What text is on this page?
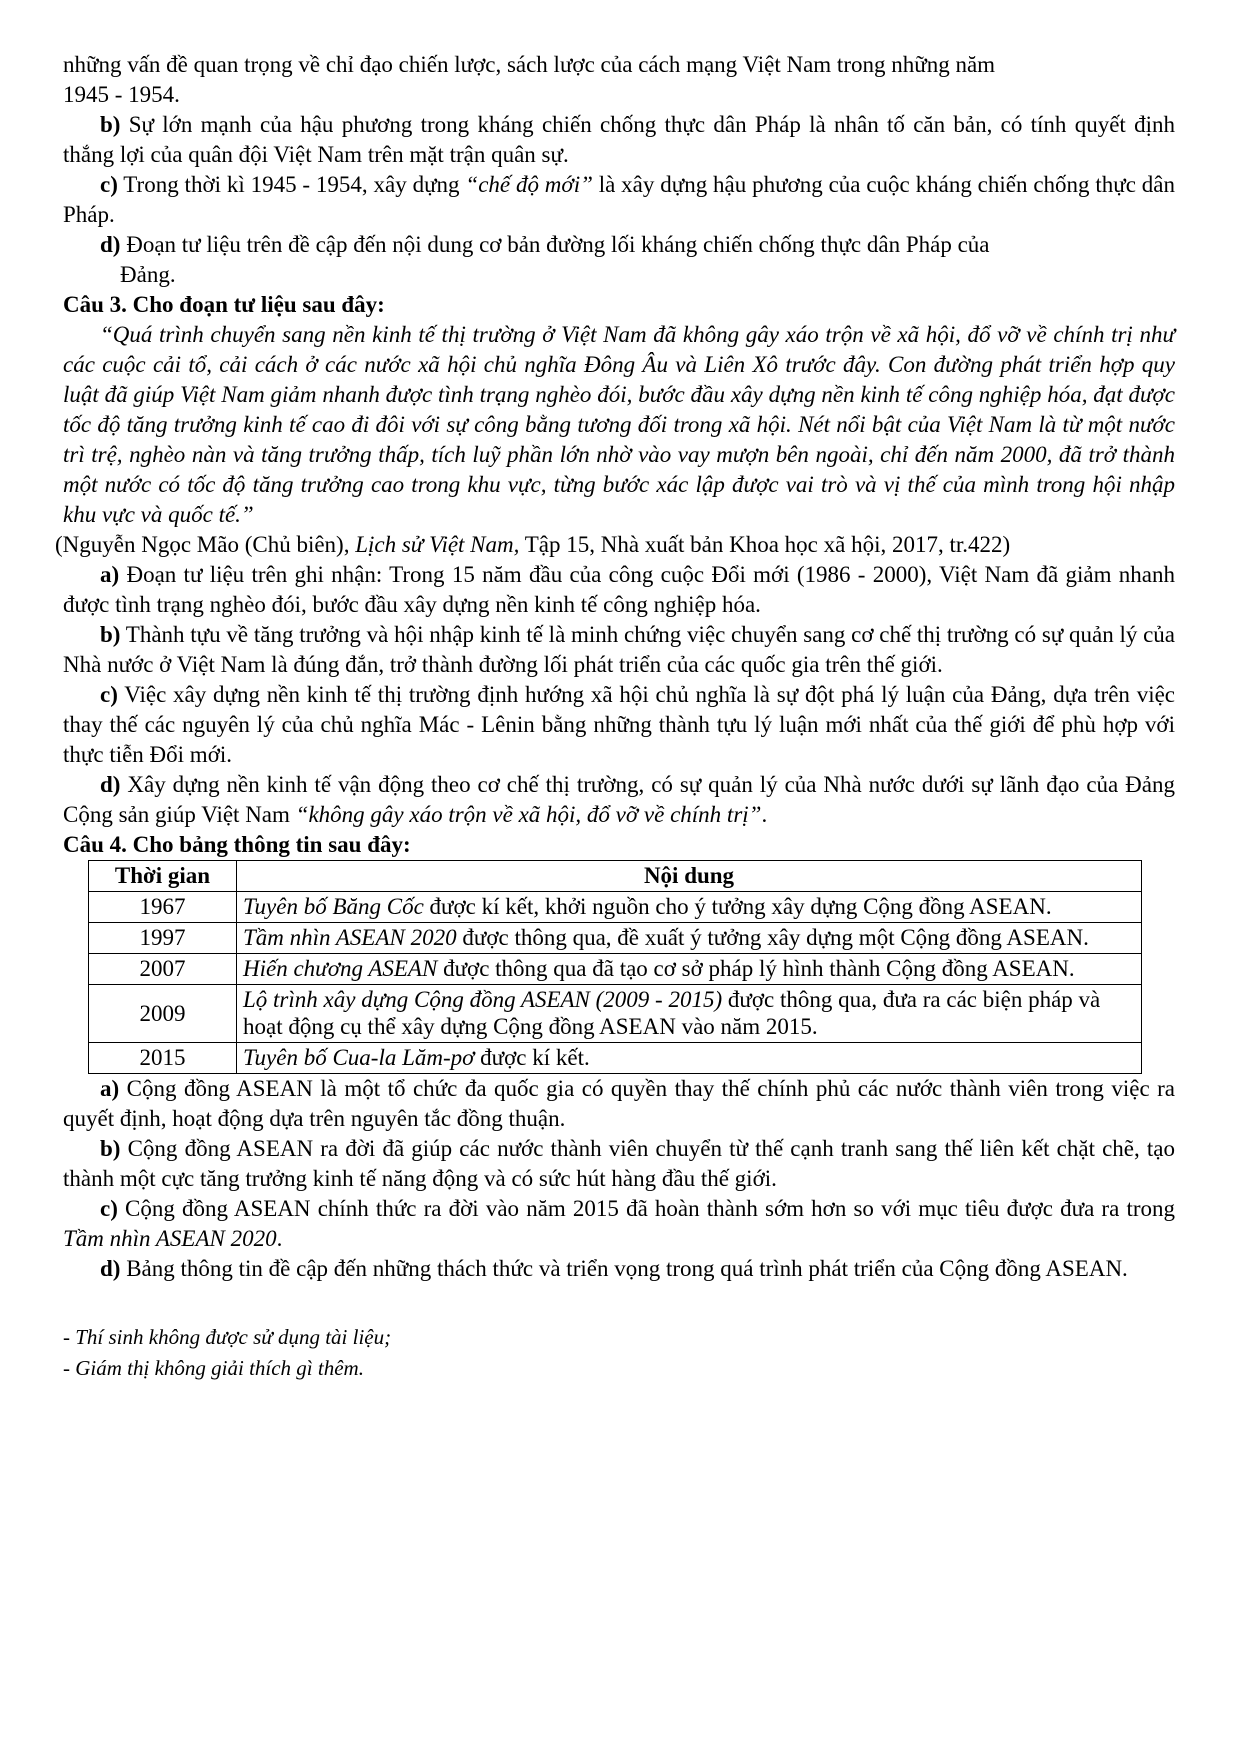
những vấn đề quan trọng về chỉ đạo chiến lược, sách lược của cách mạng Việt Nam trong những năm
1945 - 1954.

b) Sự lớn mạnh của hậu phương trong kháng chiến chống thực dân Pháp là nhân tố căn bản, có tính quyết định thắng lợi của quân đội Việt Nam trên mặt trận quân sự.

c) Trong thời kì 1945 - 1954, xây dựng “chế độ mới” là xây dựng hậu phương của cuộc kháng chiến chống thực dân Pháp.

d) Đoạn tư liệu trên đề cập đến nội dung cơ bản đường lối kháng chiến chống thực dân Pháp của

Đảng.

Câu 3. Cho đoạn tư liệu sau đây:

“Quá trình chuyển sang nền kinh tế thị trường ở Việt Nam đã không gây xáo trộn về xã hội, đổ vỡ về chính trị như các cuộc cải tổ, cải cách ở các nước xã hội chủ nghĩa Đông Âu và Liên Xô trước đây. Con đường phát triển hợp quy luật đã giúp Việt Nam giảm nhanh được tình trạng nghèo đói, bước đầu xây dựng nền kinh tế công nghiệp hóa, đạt được tốc độ tăng trưởng kinh tế cao đi đôi với sự công bằng tương đối trong xã hội. Nét nổi bật của Việt Nam là từ một nước trì trệ, nghèo nàn và tăng trưởng thấp, tích luỹ phần lớn nhờ vào vay mượn bên ngoài, chỉ đến năm 2000, đã trở thành một nước có tốc độ tăng trưởng cao trong khu vực, từng bước xác lập được vai trò và vị thế của mình trong hội nhập khu vực và quốc tế.”

(Nguyễn Ngọc Mão (Chủ biên), Lịch sử Việt Nam, Tập 15, Nhà xuất bản Khoa học xã hội, 2017, tr.422)

a) Đoạn tư liệu trên ghi nhận: Trong 15 năm đầu của công cuộc Đổi mới (1986 - 2000), Việt Nam đã giảm nhanh được tình trạng nghèo đói, bước đầu xây dựng nền kinh tế công nghiệp hóa.

b) Thành tựu về tăng trưởng và hội nhập kinh tế là minh chứng việc chuyển sang cơ chế thị trường có sự quản lý của Nhà nước ở Việt Nam là đúng đắn, trở thành đường lối phát triển của các quốc gia trên thế giới.

c) Việc xây dựng nền kinh tế thị trường định hướng xã hội chủ nghĩa là sự đột phá lý luận của Đảng, dựa trên việc thay thế các nguyên lý của chủ nghĩa Mác - Lênin bằng những thành tựu lý luận mới nhất của thế giới để phù hợp với thực tiễn Đổi mới.

d) Xây dựng nền kinh tế vận động theo cơ chế thị trường, có sự quản lý của Nhà nước dưới sự lãnh đạo của Đảng Cộng sản giúp Việt Nam “không gây xáo trộn về xã hội, đổ vỡ về chính trị”.

Câu 4. Cho bảng thông tin sau đây:

Thời gian	Nội dung
1967	Tuyên bố Băng Cốc được kí kết, khởi nguồn cho ý tưởng xây dựng Cộng đồng ASEAN.
1997	Tầm nhìn ASEAN 2020 được thông qua, đề xuất ý tưởng xây dựng một Cộng đồng ASEAN.
2007	Hiến chương ASEAN được thông qua đã tạo cơ sở pháp lý hình thành Cộng đồng ASEAN.
2009	Lộ trình xây dựng Cộng đồng ASEAN (2009 - 2015) được thông qua, đưa ra các biện pháp và hoạt động cụ thể xây dựng Cộng đồng ASEAN vào năm 2015.
2015	Tuyên bố Cua-la Lăm-pơ được kí kết.

a) Cộng đồng ASEAN là một tổ chức đa quốc gia có quyền thay thế chính phủ các nước thành viên trong việc ra quyết định, hoạt động dựa trên nguyên tắc đồng thuận.

b) Cộng đồng ASEAN ra đời đã giúp các nước thành viên chuyển từ thế cạnh tranh sang thế liên kết chặt chẽ, tạo thành một cực tăng trưởng kinh tế năng động và có sức hút hàng đầu thế giới.

c) Cộng đồng ASEAN chính thức ra đời vào năm 2015 đã hoàn thành sớm hơn so với mục tiêu được đưa ra trong Tầm nhìn ASEAN 2020.

d) Bảng thông tin đề cập đến những thách thức và triển vọng trong quá trình phát triển của Cộng đồng ASEAN.

- Thí sinh không được sử dụng tài liệu;

- Giám thị không giải thích gì thêm.
